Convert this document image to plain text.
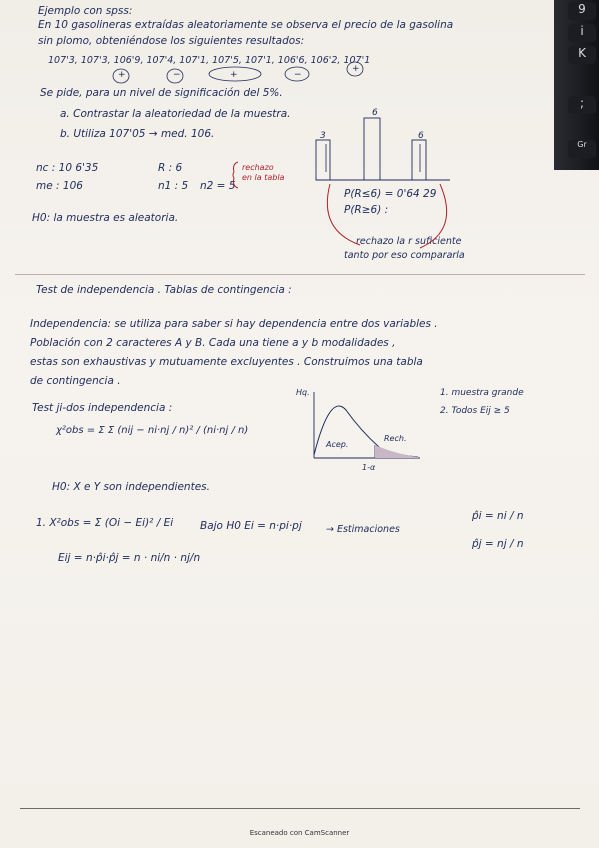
9
i
K
;
Gr
Ejemplo con spss:
En 10 gasolineras extraídas aleatoriamente se observa el precio de la gasolina
sin plomo, obteniéndose los siguientes resultados:
107'3, 107'3, 106'9, 107'4, 107'1, 107'5, 107'1, 106'6, 106'2, 107'1
+	−	+	−
+
Se pide, para un nivel de significación del 5%.
a. Contrastar la aleatoriedad de la muestra.
b. Utiliza 107'05 → med. 106.
nc : 10 6'35
me : 106
R : 6
n1 : 5 n2 = 5
rechazo
en la tabla
H0: la muestra es aleatoria.
P(R≤6) = 0'64 29
P(R≥6) :
rechazo la r suficiente
tanto por eso compararla
3	6
6
Test de independencia . Tablas de contingencia :
Independencia: se utiliza para saber si hay dependencia entre dos variables .
Población con 2 caracteres A y B. Cada una tiene a y b modalidades ,
estas son exhaustivas y mutuamente excluyentes . Construimos una tabla
de contingencia .
Test ji-dos independencia :
χ²obs = Σ Σ (nij − ni·nj / n)² / (ni·nj / n)
1. muestra grande
2. Todos Eij ≥ 5
Hq.
Acep.
Rech.
1-α
H0: X e Y son independientes.
1. X²obs = Σ (Oi − Ei)² / Ei	Bajo H0 Ei = n·pi·pj	→ Estimaciones
p̂i = ni / n
p̂j = nj / n
Eij = n·p̂i·p̂j = n · ni/n · nj/n
Escaneado con CamScanner
